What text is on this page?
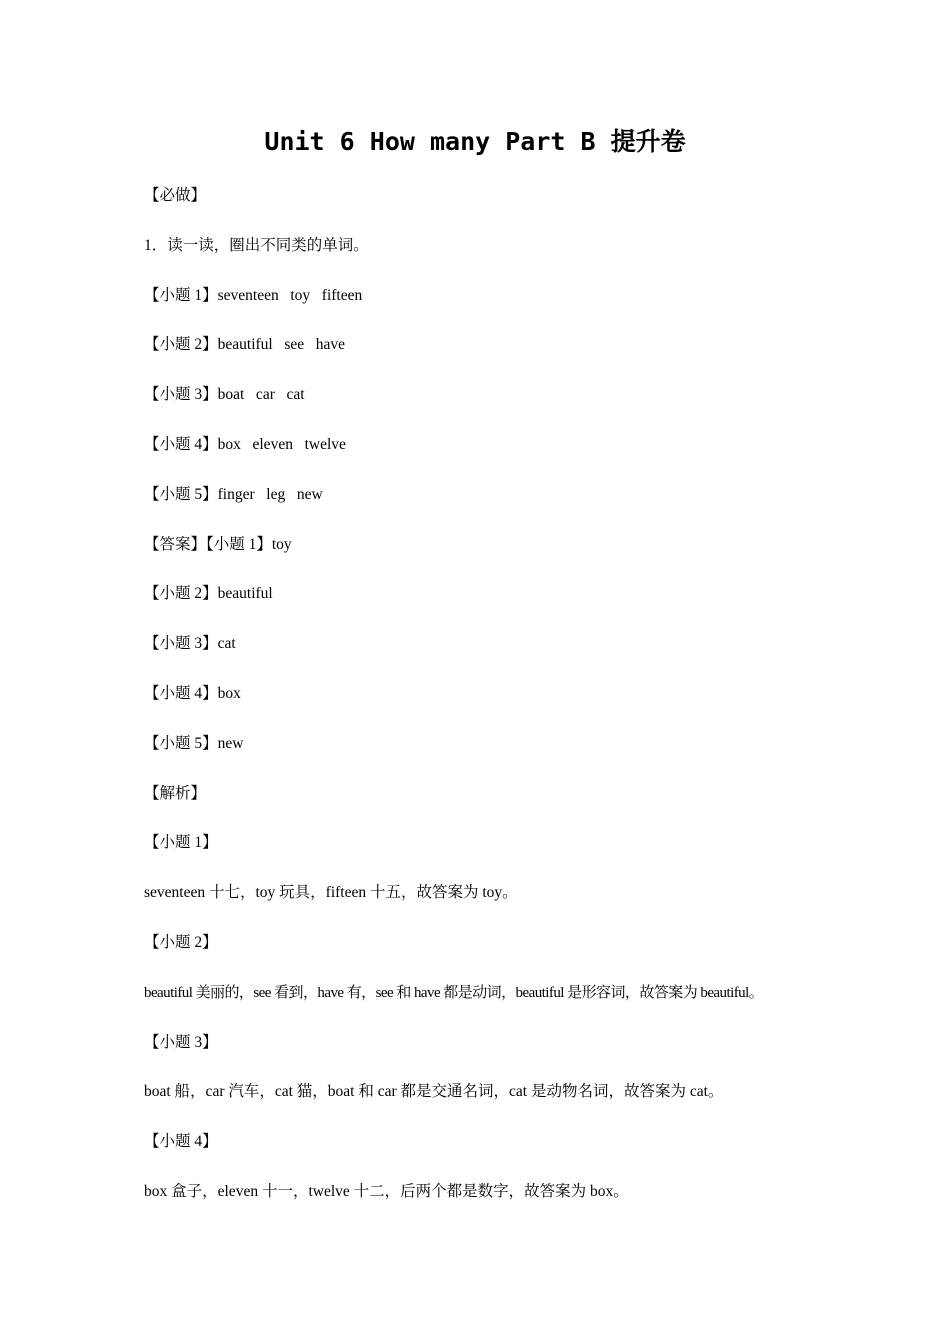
Unit 6 How many Part B 提升卷
【必做】
1．读一读，圈出不同类的单词。
【小题 1】seventeen   toy   fifteen
【小题 2】beautiful   see   have
【小题 3】boat   car   cat
【小题 4】box   eleven   twelve
【小题 5】finger   leg   new
【答案】【小题 1】toy
【小题 2】beautiful
【小题 3】cat
【小题 4】box
【小题 5】new
【解析】
【小题 1】
seventeen 十七，toy 玩具，fifteen 十五，故答案为 toy。
【小题 2】
beautiful 美丽的，see 看到，have 有，see 和 have 都是动词，beautiful 是形容词，故答案为 beautiful。
【小题 3】
boat 船，car 汽车，cat 猫，boat 和 car 都是交通名词，cat 是动物名词，故答案为 cat。
【小题 4】
box 盒子，eleven 十一，twelve 十二，后两个都是数字，故答案为 box。
